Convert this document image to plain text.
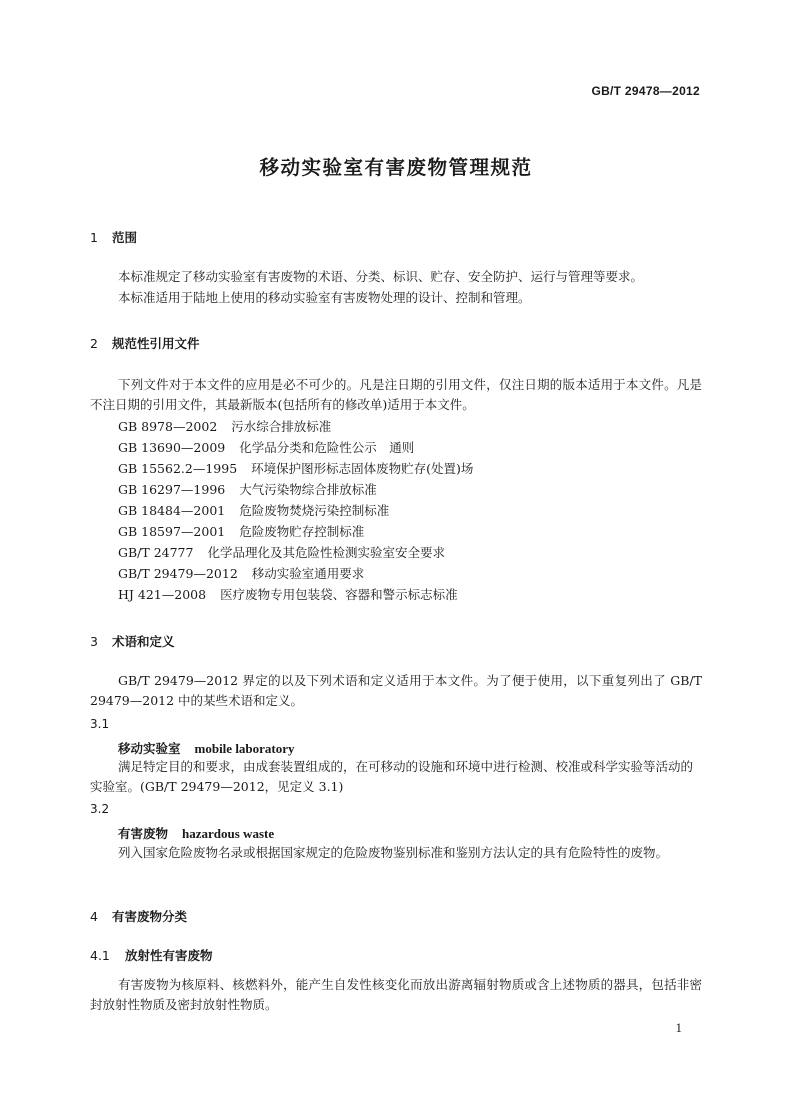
GB/T 29478—2012
移动实验室有害废物管理规范
1 范围
本标准规定了移动实验室有害废物的术语、分类、标识、贮存、安全防护、运行与管理等要求。
本标准适用于陆地上使用的移动实验室有害废物处理的设计、控制和管理。
2 规范性引用文件
下列文件对于本文件的应用是必不可少的。凡是注日期的引用文件，仅注日期的版本适用于本文件。凡是不注日期的引用文件，其最新版本(包括所有的修改单)适用于本文件。
GB 8978—2002 污水综合排放标准
GB 13690—2009 化学品分类和危险性公示　通则
GB 15562.2—1995 环境保护图形标志固体废物贮存(处置)场
GB 16297—1996 大气污染物综合排放标准
GB 18484—2001 危险废物焚烧污染控制标准
GB 18597—2001 危险废物贮存控制标准
GB/T 24777 化学品理化及其危险性检测实验室安全要求
GB/T 29479—2012 移动实验室通用要求
HJ 421—2008 医疗废物专用包装袋、容器和警示标志标准
3 术语和定义
GB/T 29479—2012 界定的以及下列术语和定义适用于本文件。为了便于使用，以下重复列出了 GB/T 29479—2012 中的某些术语和定义。
3.1
移动实验室 mobile laboratory
满足特定目的和要求，由成套装置组成的，在可移动的设施和环境中进行检测、校准或科学实验等活动的实验室。(GB/T 29479—2012，见定义 3.1)
3.2
有害废物 hazardous waste
列入国家危险废物名录或根据国家规定的危险废物鉴别标准和鉴别方法认定的具有危险特性的废物。
4 有害废物分类
4.1 放射性有害废物
有害废物为核原料、核燃料外，能产生自发性核变化而放出游离辐射物质或含上述物质的器具，包括非密封放射性物质及密封放射性物质。
1
